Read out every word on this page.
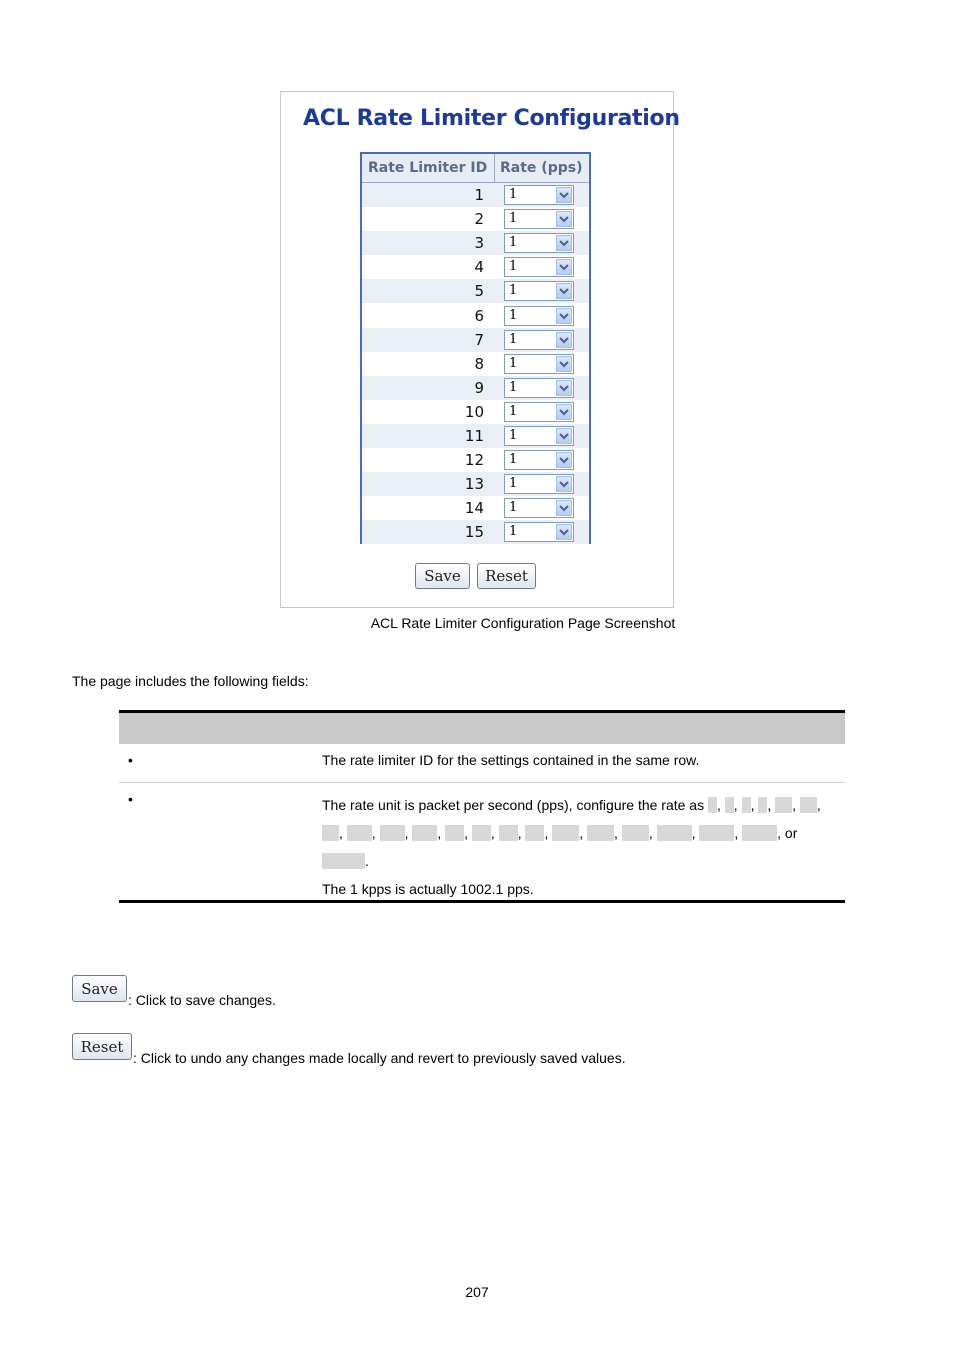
ACL Rate Limiter Configuration
Rate Limiter ID Rate (pps)
1	1
2	1
3	1
4	1
5	1
6	1
7	1
8	1
9	1
10	1
11	1
12	1
13	1
14	1
15	1
Save	Reset
ACL Rate Limiter Configuration Page Screenshot
The page includes the following fields:
•	The rate limiter ID for the settings contained in the same row.
•	The rate unit is packet per second (pps), configure the rate as , , , , , ,

, , , , , , , , , , ,	,	,	, or

.

The 1 kpps is actually 1002.1 pps.

Save
: Click to save changes.
Reset
: Click to undo any changes made locally and revert to previously saved values.
207
